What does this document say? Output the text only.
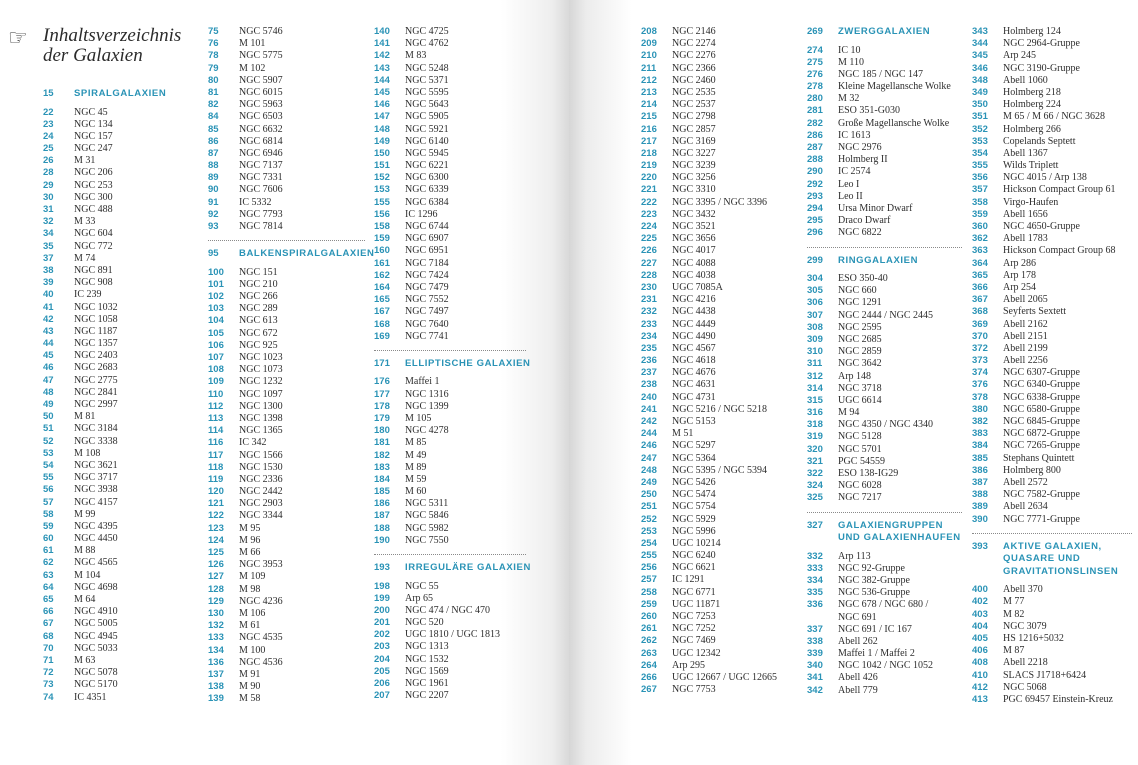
☞ Inhaltsverzeichnis der Galaxien
15 SPIRALGALAXIEN
22 NGC 45
23 NGC 134
24 NGC 157
25 NGC 247
26 M 31
28 NGC 206
29 NGC 253
30 NGC 300
31 NGC 488
32 M 33
34 NGC 604
35 NGC 772
37 M 74
38 NGC 891
39 NGC 908
40 IC 239
41 NGC 1032
42 NGC 1058
43 NGC 1187
44 NGC 1357
45 NGC 2403
46 NGC 2683
47 NGC 2775
48 NGC 2841
49 NGC 2997
50 M 81
51 NGC 3184
52 NGC 3338
53 M 108
54 NGC 3621
55 NGC 3717
56 NGC 3938
57 NGC 4157
58 M 99
59 NGC 4395
60 NGC 4450
61 M 88
62 NGC 4565
63 M 104
64 NGC 4698
65 M 64
66 NGC 4910
67 NGC 5005
68 NGC 4945
70 NGC 5033
71 M 63
72 NGC 5078
73 NGC 5170
74 IC 4351
75 NGC 5746
76 M 101
78 NGC 5775
79 M 102
80 NGC 5907
81 NGC 6015
82 NGC 5963
84 NGC 6503
85 NGC 6632
86 NGC 6814
87 NGC 6946
88 NGC 7137
89 NGC 7331
90 NGC 7606
91 IC 5332
92 NGC 7793
93 NGC 7814
95 BALKENSPIRALGALAXIEN
100 NGC 151
101 NGC 210
102 NGC 266
103 NGC 289
104 NGC 613
105 NGC 672
106 NGC 925
107 NGC 1023
108 NGC 1073
109 NGC 1232
110 NGC 1097
112 NGC 1300
113 NGC 1398
114 NGC 1365
116 IC 342
117 NGC 1566
118 NGC 1530
119 NGC 2336
120 NGC 2442
121 NGC 2903
122 NGC 3344
123 M 95
124 M 96
125 M 66
126 NGC 3953
127 M 109
128 M 98
129 NGC 4236
130 M 106
132 M 61
133 NGC 4535
134 M 100
136 NGC 4536
137 M 91
138 M 90
139 M 58
140 NGC 4725
141 NGC 4762
142 M 83
143 NGC 5248
144 NGC 5371
145 NGC 5595
146 NGC 5643
147 NGC 5905
148 NGC 5921
149 NGC 6140
150 NGC 5945
151 NGC 6221
152 NGC 6300
153 NGC 6339
155 NGC 6384
156 IC 1296
158 NGC 6744
159 NGC 6907
160 NGC 6951
161 NGC 7184
162 NGC 7424
164 NGC 7479
165 NGC 7552
167 NGC 7497
168 NGC 7640
169 NGC 7741
171 ELLIPTISCHE GALAXIEN
176 Maffei 1
177 NGC 1316
178 NGC 1399
179 M 105
180 NGC 4278
181 M 85
182 M 49
183 M 89
184 M 59
185 M 60
186 NGC 5311
187 NGC 5846
188 NGC 5982
190 NGC 7550
193 IRREGULÄRE GALAXIEN
198 NGC 55
199 Arp 65
200 NGC 474 / NGC 470
201 NGC 520
202 UGC 1810 / UGC 1813
203 NGC 1313
204 NGC 1532
205 NGC 1569
206 NGC 1961
207 NGC 2207
208 NGC 2146
209 NGC 2274
210 NGC 2276
211 NGC 2366
212 NGC 2460
213 NGC 2535
214 NGC 2537
215 NGC 2798
216 NGC 2857
217 NGC 3169
218 NGC 3227
219 NGC 3239
220 NGC 3256
221 NGC 3310
222 NGC 3395 / NGC 3396
223 NGC 3432
224 NGC 3521
225 NGC 3656
226 NGC 4017
227 NGC 4088
228 NGC 4038
230 UGC 7085A
231 NGC 4216
232 NGC 4438
233 NGC 4449
234 NGC 4490
235 NGC 4567
236 NGC 4618
237 NGC 4676
238 NGC 4631
240 NGC 4731
241 NGC 5216 / NGC 5218
242 NGC 5153
244 M 51
246 NGC 5297
247 NGC 5364
248 NGC 5395 / NGC 5394
249 NGC 5426
250 NGC 5474
251 NGC 5754
252 NGC 5929
253 NGC 5996
254 UGC 10214
255 NGC 6240
256 NGC 6621
257 IC 1291
258 NGC 6771
259 UGC 11871
260 NGC 7253
261 NGC 7252
262 NGC 7469
263 UGC 12342
264 Arp 295
266 UGC 12667 / UGC 12665
267 NGC 7753
269 ZWERGGALAXIEN
274 IC 10
275 M 110
276 NGC 185 / NGC 147
278 Kleine Magellansche Wolke
280 M 32
281 ESO 351-G030
282 Große Magellansche Wolke
286 IC 1613
287 NGC 2976
288 Holmberg II
290 IC 2574
292 Leo I
293 Leo II
294 Ursa Minor Dwarf
295 Draco Dwarf
296 NGC 6822
299 RINGGALAXIEN
304 ESO 350-40
305 NGC 660
306 NGC 1291
307 NGC 2444 / NGC 2445
308 NGC 2595
309 NGC 2685
310 NGC 2859
311 NGC 3642
312 Arp 148
314 NGC 3718
315 UGC 6614
316 M 94
318 NGC 4350 / NGC 4340
319 NGC 5128
320 NGC 5701
321 PGC 54559
322 ESO 138-IG29
324 NGC 6028
325 NGC 7217
327 GALAXIENGRUPPEN
UND GALAXIENHAUFEN
332 Arp 113
333 NGC 92-Gruppe
334 NGC 382-Gruppe
335 NGC 536-Gruppe
336 NGC 678 / NGC 680 /
NGC 691
337 NGC 691 / IC 167
338 Abell 262
339 Maffei 1 / Maffei 2
340 NGC 1042 / NGC 1052
341 Abell 426
342 Abell 779
343 Holmberg 124
344 NGC 2964-Gruppe
345 Arp 245
346 NGC 3190-Gruppe
348 Abell 1060
349 Holmberg 218
350 Holmberg 224
351 M 65 / M 66 / NGC 3628
352 Holmberg 266
353 Copelands Septett
354 Abell 1367
355 Wilds Triplett
356 NGC 4015 / Arp 138
357 Hickson Compact Group 61
358 Virgo-Haufen
359 Abell 1656
360 NGC 4650-Gruppe
362 Abell 1783
363 Hickson Compact Group 68
364 Arp 286
365 Arp 178
366 Arp 254
367 Abell 2065
368 Seyferts Sextett
369 Abell 2162
370 Abell 2151
372 Abell 2199
373 Abell 2256
374 NGC 6307-Gruppe
376 NGC 6340-Gruppe
378 NGC 6338-Gruppe
380 NGC 6580-Gruppe
382 NGC 6845-Gruppe
383 NGC 6872-Gruppe
384 NGC 7265-Gruppe
385 Stephans Quintett
386 Holmberg 800
387 Abell 2572
388 NGC 7582-Gruppe
389 Abell 2634
390 NGC 7771-Gruppe
393 AKTIVE GALAXIEN,
QUASARE UND
GRAVITATIONSLINSEN
400 Abell 370
402 M 77
403 M 82
404 NGC 3079
405 HS 1216+5032
406 M 87
408 Abell 2218
410 SLACS J1718+6424
412 NGC 5068
413 PGC 69457 Einstein-Kreuz
